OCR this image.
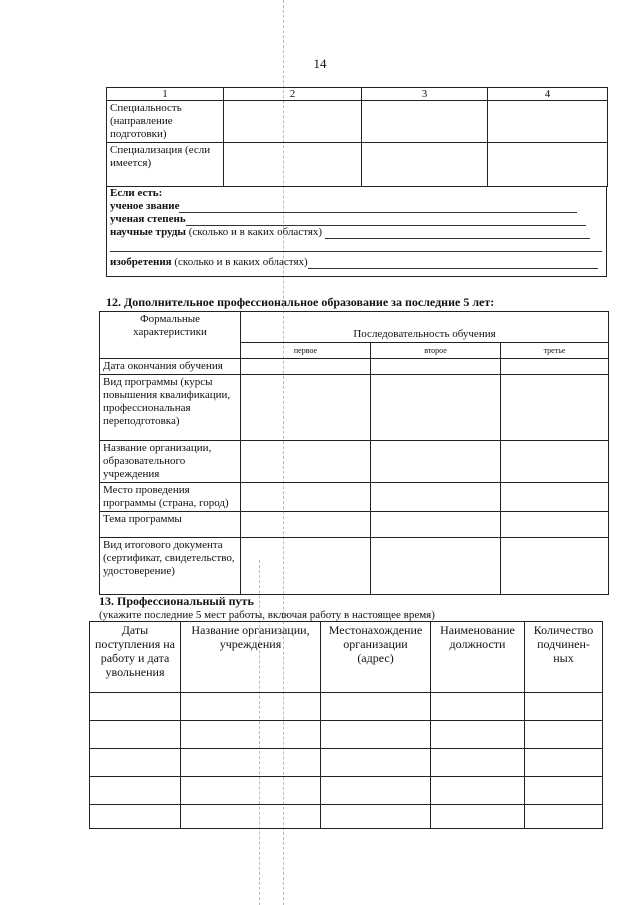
14
1	2	3	4
Специальность (направление подготовки)			
Специализация (если имеется)			
Если есть:
ученое звание
ученая степень
научные труды (сколько и в каких областях)
изобретения (сколько и в каких областях)
12. Дополнительное профессиональное образование за последние 5 лет:
Формальные характеристики	Последовательность обучения		
	первое	второе	третье
Дата окончания обучения			
Вид программы (курсы повышения квалификации, профессиональная переподготовка)			
Название организации, образовательного учреждения			
Место проведения программы (страна, город)			
Тема программы			
Вид итогового документа (сертификат, свидетельство, удостоверение)			
13. Профессиональный путь
(укажите последние 5 мест работы, включая работу в настоящее время)
Даты поступления на работу и дата увольнения	Название организации, учреждения	Местонахождение организации (адрес)	Наименование должности	Количество подчинен-ных
